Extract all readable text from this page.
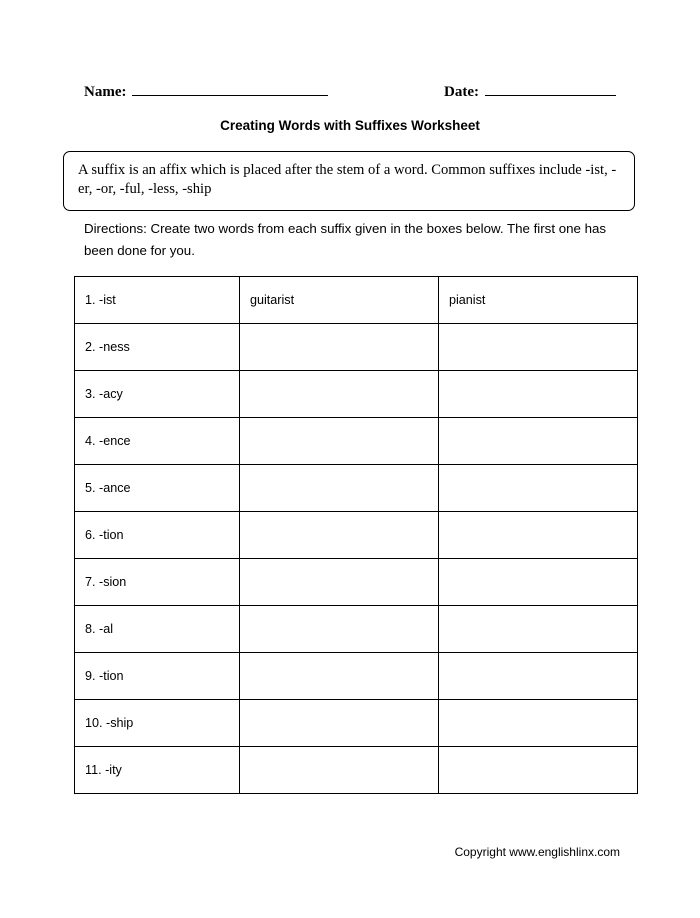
Name:	Date:
Creating Words with Suffixes Worksheet
A suffix is an affix which is placed after the stem of a word. Common suffixes include -ist, -er, -or, -ful, -less, -ship
Directions: Create two words from each suffix given in the boxes below. The first one has been done for you.
1. -ist	guitarist	pianist
2. -ness		
3. -acy		
4. -ence		
5. -ance		
6. -tion		
7. -sion		
8. -al		
9. -tion		
10. -ship		
11. -ity		
Copyright www.englishlinx.com
